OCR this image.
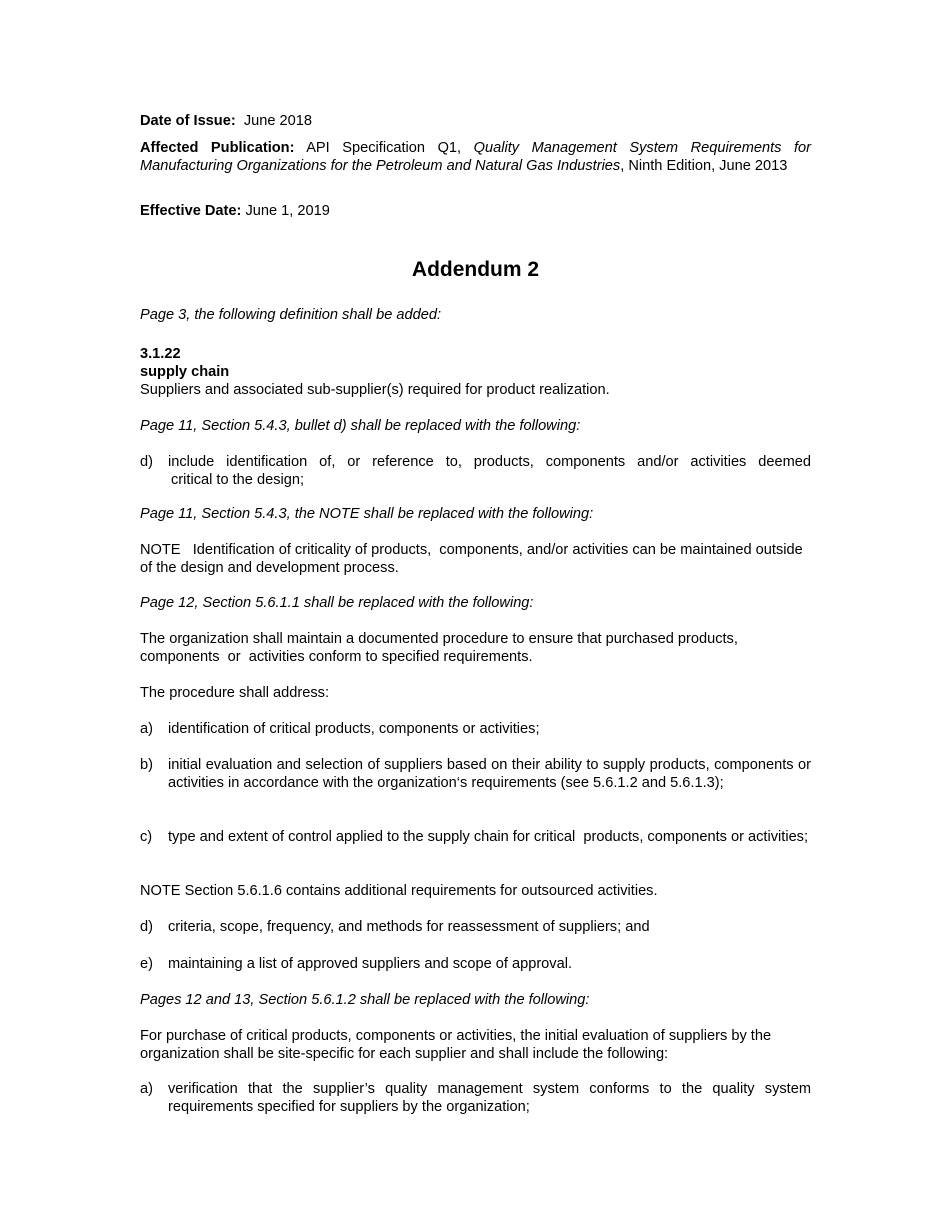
Date of Issue: June 2018

Affected Publication: API Specification Q1, Quality Management System Requirements for Manufacturing Organizations for the Petroleum and Natural Gas Industries, Ninth Edition, June 2013

Effective Date: June 1, 2019

Addendum 2

Page 3, the following definition shall be added:

3.1.22

supply chain

Suppliers and associated sub-supplier(s) required for product realization.

Page 11, Section 5.4.3, bullet d) shall be replaced with the following:

d) include identification of, or reference to, products, components and/or activities deemed
critical to the design;

Page 11, Section 5.4.3, the NOTE shall be replaced with the following:

NOTE   Identification of criticality of products,  components, and/or activities can be maintained outside of the design and development process.

Page 12, Section 5.6.1.1 shall be replaced with the following:

The organization shall maintain a documented procedure to ensure that purchased products, components  or  activities conform to specified requirements.

The procedure shall address:

a) identification of critical products, components or activities;
b) initial evaluation and selection of suppliers based on their ability to supply products, components or activities in accordance with the organization‘s requirements (see 5.6.1.2 and 5.6.1.3);
c) type and extent of control applied to the supply chain for critical  products, components or activities;

NOTE Section 5.6.1.6 contains additional requirements for outsourced activities.

d) criteria, scope, frequency, and methods for reassessment of suppliers; and
e) maintaining a list of approved suppliers and scope of approval.

Pages 12 and 13, Section 5.6.1.2 shall be replaced with the following:

For purchase of critical products, components or activities, the initial evaluation of suppliers by the organization shall be site-specific for each supplier and shall include the following:

a) verification that the supplier’s quality management system conforms to the quality system requirements specified for suppliers by the organization;
